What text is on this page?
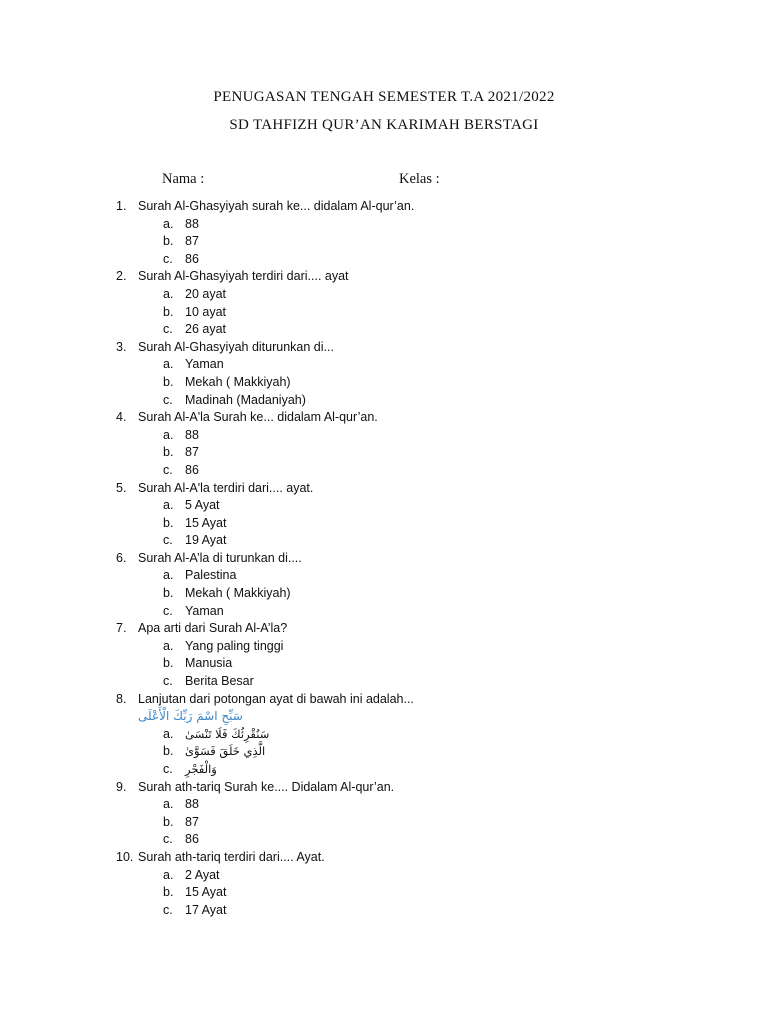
PENUGASAN TENGAH SEMESTER T.A 2021/2022
SD TAHFIZH QUR’AN KARIMAH BERSTAGI
Nama :	Kelas :
1. Surah Al-Ghasyiyah surah ke... didalam Al-qur’an.
a. 88
b. 87
c. 86
2. Surah Al-Ghasyiyah terdiri dari.... ayat
a. 20 ayat
b. 10 ayat
c. 26 ayat
3. Surah Al-Ghasyiyah diturunkan di...
a. Yaman
b. Mekah ( Makkiyah)
c. Madinah (Madaniyah)
4. Surah Al-A'la Surah ke... didalam Al-qur’an.
a. 88
b. 87
c. 86
5. Surah Al-A'la terdiri dari.... ayat.
a. 5 Ayat
b. 15 Ayat
c. 19 Ayat
6. Surah Al-A’la di turunkan di....
a. Palestina
b. Mekah ( Makkiyah)
c. Yaman
7. Apa arti dari Surah Al-A’la?
a. Yang paling tinggi
b. Manusia
c. Berita Besar
8. Lanjutan dari potongan ayat di bawah ini adalah...
سَبِّحِ اسْمَ رَبِّكَ الْأَعْلَى
a. سَنُقْرِئُكَ فَلَا تَنْسَىٰ
b. الَّذِي خَلَقَ فَسَوَّىٰ
c. وَالْفَجْرِ
9. Surah ath-tariq Surah ke.... Didalam Al-qur’an.
a. 88
b. 87
c. 86
10. Surah ath-tariq terdiri dari.... Ayat.
a. 2 Ayat
b. 15 Ayat
c. 17 Ayat
